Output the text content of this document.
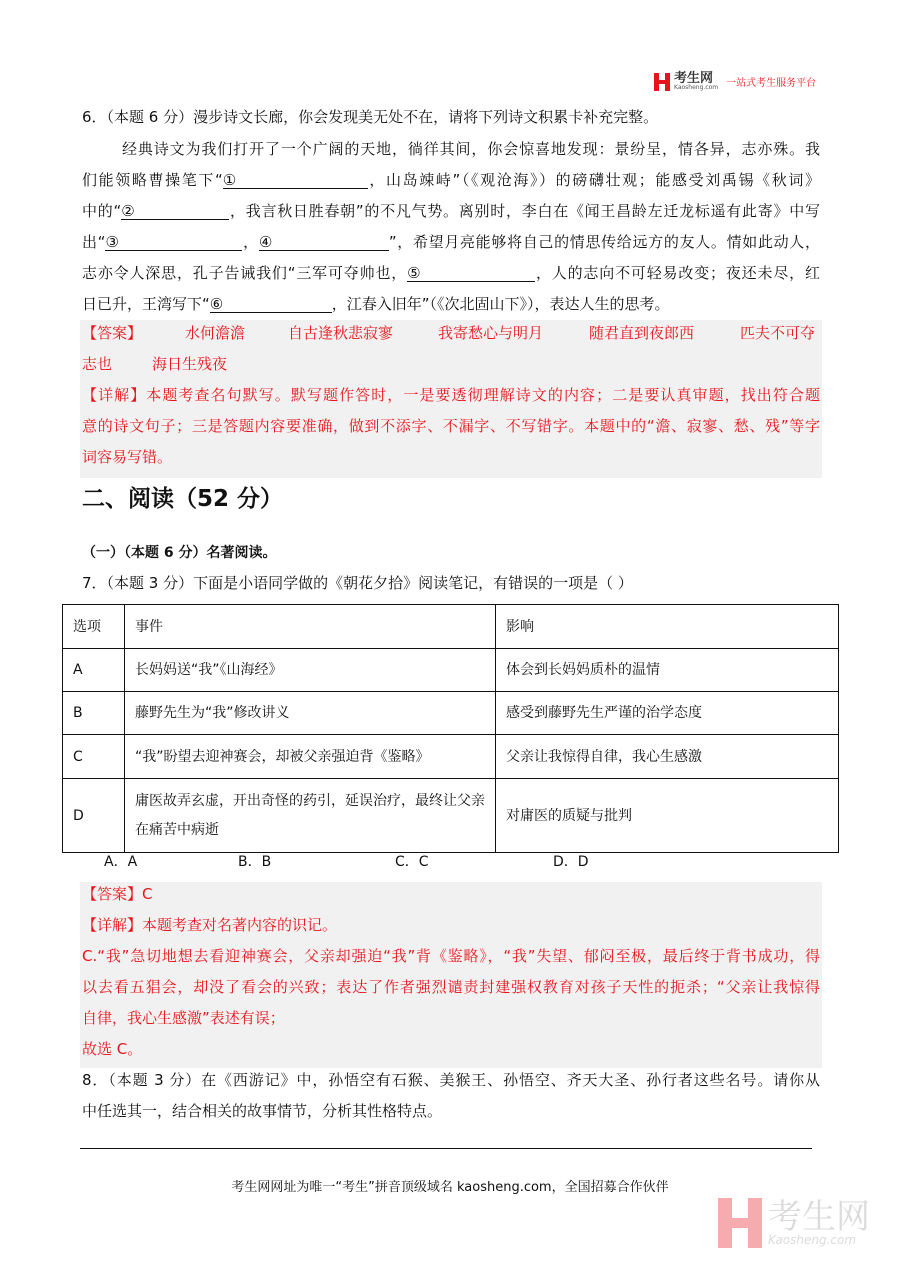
考生网
Kaosheng.com 一站式考生服务平台
6．（本题 6 分）漫步诗文长廊，你会发现美无处不在，请将下列诗文积累卡补充完整。
经典诗文为我们打开了一个广阔的天地，徜徉其间，你会惊喜地发现：景纷呈，情各异，志亦殊。我
们能领略曹操笔下“①	，山岛竦峙”（《观沧海》）的磅礴壮观；能感受刘禹锡《秋词》
中的“②	，我言秋日胜春朝”的不凡气势。离别时，李白在《闻王昌龄左迁龙标遥有此寄》中写
出“③	，④	”，希望月亮能够将自己的情思传给远方的友人。情如此动人，
志亦令人深思，孔子告诫我们“三军可夺帅也，⑤	，人的志向不可轻易改变；夜还未尽，红
日已升，王湾写下“⑥	，江春入旧年”（《次北固山下》），表达人生的思考。
【答案】	水何澹澹	自古逢秋悲寂寥	我寄愁心与明月	随君直到夜郎西	匹夫不可夺
志也	海日生残夜
【详解】本题考查名句默写。默写题作答时，一是要透彻理解诗文的内容；二是要认真审题，找出符合题
意的诗文句子；三是答题内容要准确，做到不添字、不漏字、不写错字。本题中的“澹、寂寥、愁、残”等字
词容易写错。
二、阅读（52 分）
（一）（本题 6 分）名著阅读。
7．（本题 3 分）下面是小语同学做的《朝花夕拾》阅读笔记，有错误的一项是（ ）
选项	事件	影响
A	长妈妈送“我”《山海经》	体会到长妈妈质朴的温情
B	藤野先生为“我”修改讲义	感受到藤野先生严谨的治学态度
C	“我”盼望去迎神赛会，却被父亲强迫背《鉴略》	父亲让我惊得自律，我心生感激
D	庸医故弄玄虚，开出奇怪的药引，延误治疗，最终让父亲在痛苦中病逝	对庸医的质疑与批判
A．A	B．B	C．C	D．D
【答案】C
【详解】本题考查对名著内容的识记。
C.“我”急切地想去看迎神赛会，父亲却强迫“我”背《鉴略》，“我”失望、郁闷至极，最后终于背书成功，得
以去看五猖会，却没了看会的兴致；表达了作者强烈谴责封建强权教育对孩子天性的扼杀；“父亲让我惊得
自律，我心生感激”表述有误；
故选 C。
8．（本题 3 分）在《西游记》中，孙悟空有石猴、美猴王、孙悟空、齐天大圣、孙行者这些名号。请你从
中任选其一，结合相关的故事情节，分析其性格特点。
考生网网址为唯一“考生”拼音顶级域名 kaosheng.com，全国招募合作伙伴
考生网
Kaosheng.com
